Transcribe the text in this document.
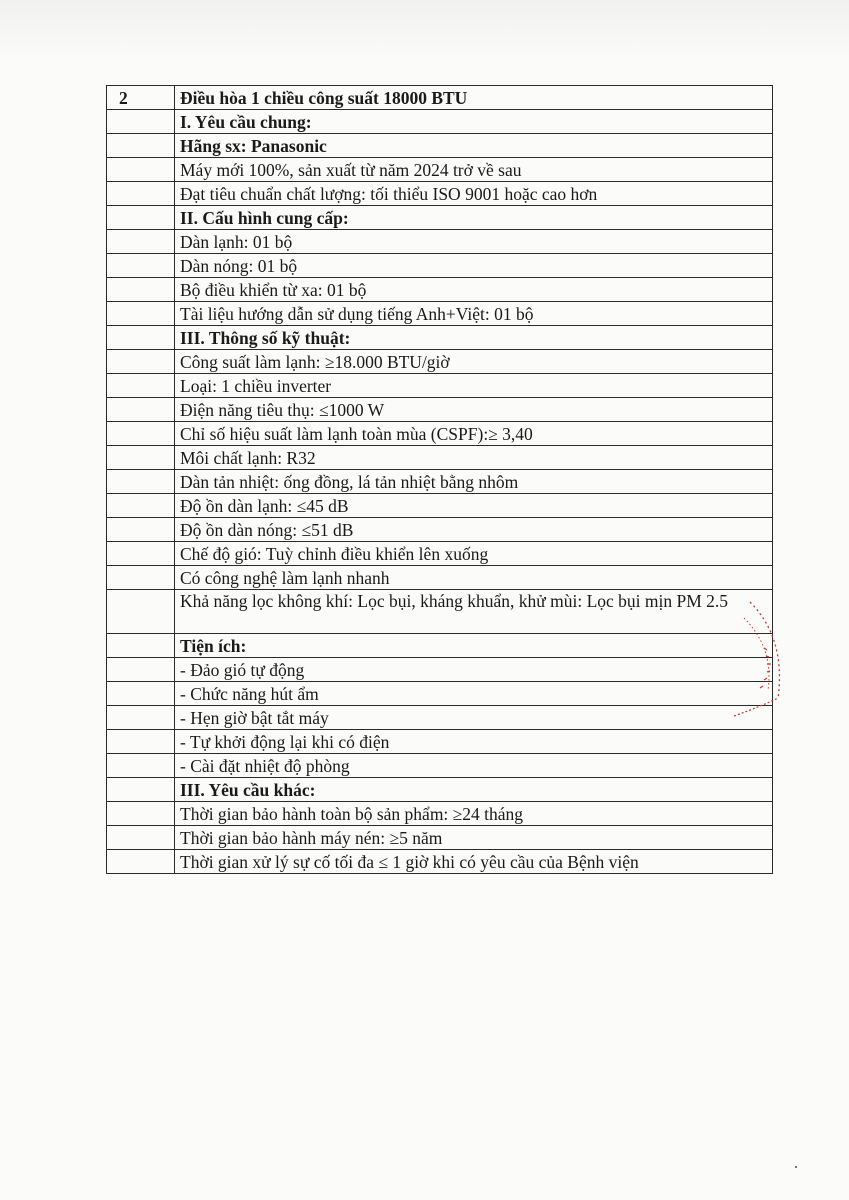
2	Điều hòa 1 chiều công suất 18000 BTU
	I. Yêu cầu chung:
	Hãng sx: Panasonic
	Máy mới 100%, sản xuất từ năm 2024 trở về sau
	Đạt tiêu chuẩn chất lượng: tối thiểu ISO 9001 hoặc cao hơn
	II. Cấu hình cung cấp:
	Dàn lạnh: 01 bộ
	Dàn nóng: 01 bộ
	Bộ điều khiển từ xa: 01 bộ
	Tài liệu hướng dẫn sử dụng tiếng Anh+Việt: 01 bộ
	III. Thông số kỹ thuật:
	Công suất làm lạnh: ≥18.000 BTU/giờ
	Loại: 1 chiều inverter
	Điện năng tiêu thụ: ≤1000 W
	Chỉ số hiệu suất làm lạnh toàn mùa (CSPF):≥ 3,40
	Môi chất lạnh: R32
	Dàn tản nhiệt: ống đồng, lá tản nhiệt bằng nhôm
	Độ ồn dàn lạnh: ≤45 dB
	Độ ồn dàn nóng: ≤51 dB
	Chế độ gió: Tuỳ chỉnh điều khiển lên xuống
	Có công nghệ làm lạnh nhanh
	Khả năng lọc không khí: Lọc bụi, kháng khuẩn, khử mùi: Lọc bụi mịn PM 2.5
	Tiện ích:
	- Đảo gió tự động
	- Chức năng hút ẩm
	- Hẹn giờ bật tắt máy
	- Tự khởi động lại khi có điện
	- Cài đặt nhiệt độ phòng
	III. Yêu cầu khác:
	Thời gian bảo hành toàn bộ sản phẩm: ≥24 tháng
	Thời gian bảo hành máy nén: ≥5 năm
	Thời gian xử lý sự cố tối đa ≤ 1 giờ khi có yêu cầu của Bệnh viện
